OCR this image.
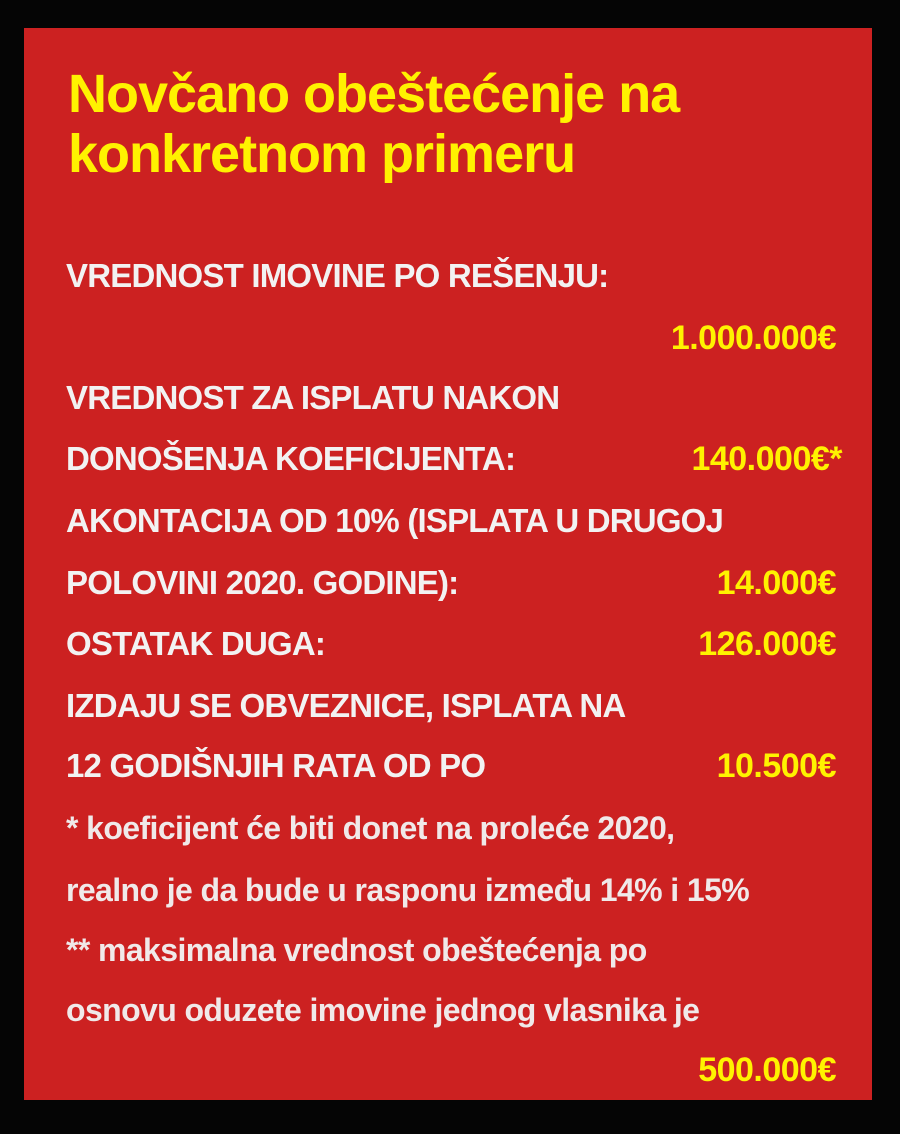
Novčano obeštećenje na konkretnom primeru
VREDNOST IMOVINE PO REŠENJU:
1.000.000€
VREDNOST ZA ISPLATU NAKON
DONOŠENJA KOEFICIJENTA:	140.000€*
AKONTACIJA OD 10% (ISPLATA U DRUGOJ
POLOVINI 2020. GODINE):	14.000€
OSTATAK DUGA:	126.000€
IZDAJU SE OBVEZNICE, ISPLATA NA
12 GODIŠNJIH RATA OD PO	10.500€
* koeficijent će biti donet na proleće 2020,
realno je da bude u rasponu između 14% i 15%
** maksimalna vrednost obeštećenja po
osnovu oduzete imovine jednog vlasnika je
500.000€
